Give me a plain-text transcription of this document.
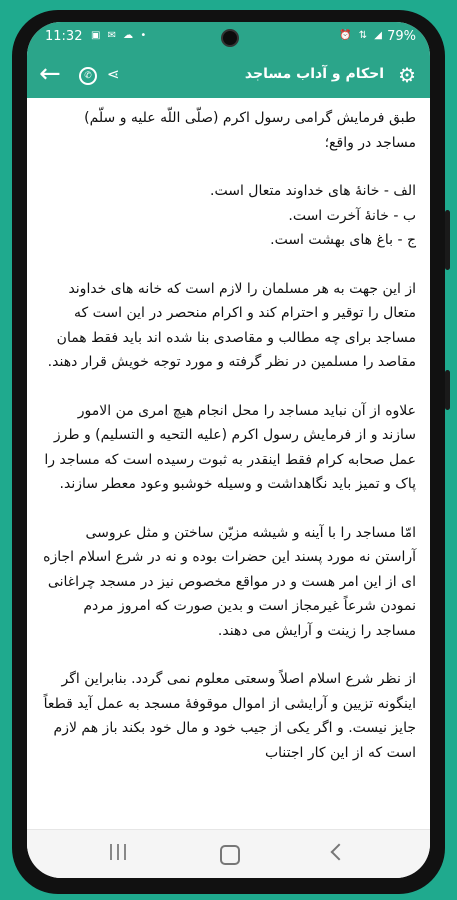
11:32 ▣ ✉ ☁ •	⏰ ⇅ ◢ 79%
←	✆	⋖	احکام و آداب مساجد ⚙

طبق فرمایش گرامی رسول اکرم (صلّی اللّه علیه و سلّم) مساجد در واقع؛

الف - خانهٔ های خداوند متعال است.
ب - خانهٔ آخرت است.
ج - باغ های بهشت است.

از این جهت به هر مسلمان را لازم است که خانه های خداوند متعال را توقیر و احترام کند و اکرام منحصر در این است که مساجد برای چه مطالب و مقاصدی بنا شده اند باید فقط همان مقاصد را مسلمین در نظر گرفته و مورد توجه خویش قرار دهند.

علاوه از آن نباید مساجد را محل انجام هیچ امری من الامور سازند و از فرمایش رسول اکرم (علیه التحیه و التسلیم) و طرز عمل صحابه کرام فقط اینقدر به ثبوت رسیده است که مساجد را پاک و تمیز باید نگاهداشت و وسیله خوشبو وعود معطر سازند.

امّا مساجد را با آینه و شیشه مزیّن ساختن و مثل عروسی آراستن نه مورد پسند این حضرات بوده و نه در شرع اسلام اجازه ای از این امر هست و در مواقع مخصوص نیز در مسجد چراغانی نمودن شرعاً غیرمجاز است و بدین صورت که امروز مردم مساجد را زینت و آرایش می دهند.

از نظر شرع اسلام اصلاً وسعتی معلوم نمی گردد. بنابراین اگر اینگونه تزیین و آرایشی از اموال موقوفهٔ مسجد به عمل آید قطعاً جایز نیست. و اگر یکی از جیب خود و مال خود بکند باز هم لازم است که از این کار اجتناب
